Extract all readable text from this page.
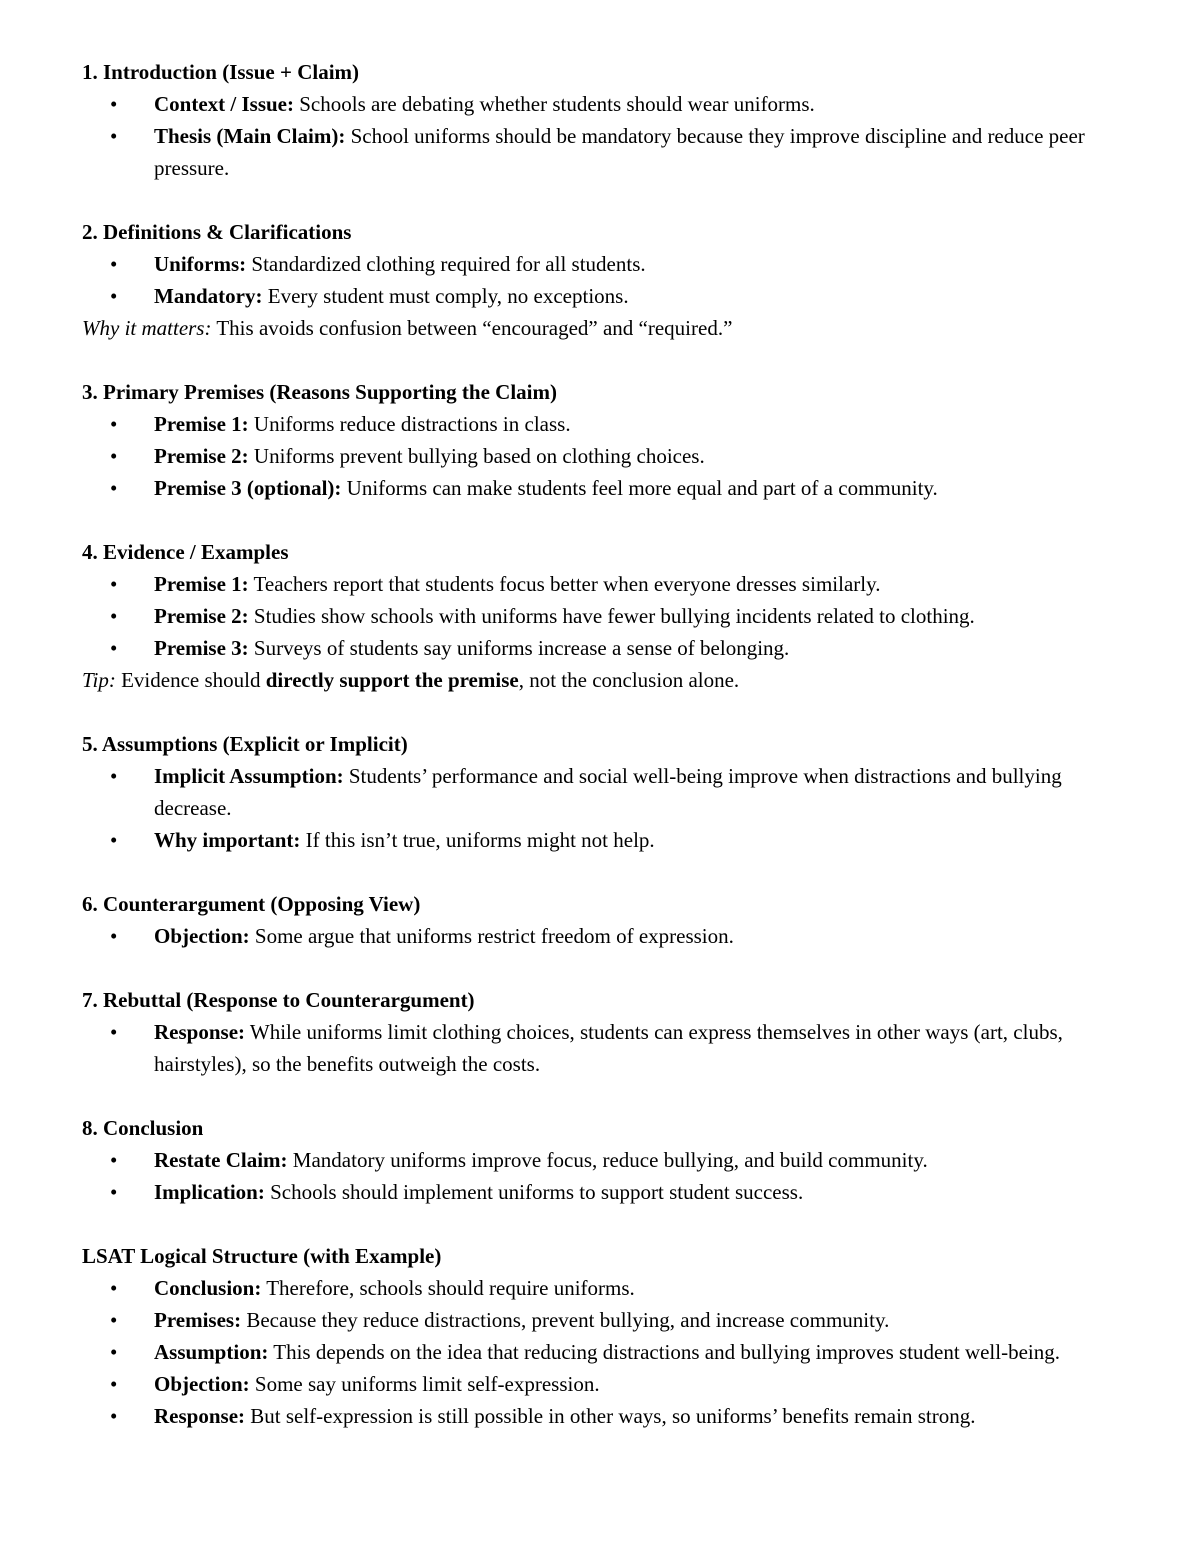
1. Introduction (Issue + Claim)
• Context / Issue: Schools are debating whether students should wear uniforms.
• Thesis (Main Claim): School uniforms should be mandatory because they improve discipline and reduce peer pressure.
2. Definitions & Clarifications
• Uniforms: Standardized clothing required for all students.
• Mandatory: Every student must comply, no exceptions.
Why it matters: This avoids confusion between “encouraged” and “required.”
3. Primary Premises (Reasons Supporting the Claim)
• Premise 1: Uniforms reduce distractions in class.
• Premise 2: Uniforms prevent bullying based on clothing choices.
• Premise 3 (optional): Uniforms can make students feel more equal and part of a community.
4. Evidence / Examples
• Premise 1: Teachers report that students focus better when everyone dresses similarly.
• Premise 2: Studies show schools with uniforms have fewer bullying incidents related to clothing.
• Premise 3: Surveys of students say uniforms increase a sense of belonging.
Tip: Evidence should directly support the premise, not the conclusion alone.
5. Assumptions (Explicit or Implicit)
• Implicit Assumption: Students’ performance and social well-being improve when distractions and bullying decrease.
• Why important: If this isn’t true, uniforms might not help.
6. Counterargument (Opposing View)
• Objection: Some argue that uniforms restrict freedom of expression.
7. Rebuttal (Response to Counterargument)
• Response: While uniforms limit clothing choices, students can express themselves in other ways (art, clubs, hairstyles), so the benefits outweigh the costs.
8. Conclusion
• Restate Claim: Mandatory uniforms improve focus, reduce bullying, and build community.
• Implication: Schools should implement uniforms to support student success.
LSAT Logical Structure (with Example)
• Conclusion: Therefore, schools should require uniforms.
• Premises: Because they reduce distractions, prevent bullying, and increase community.
• Assumption: This depends on the idea that reducing distractions and bullying improves student well-being.
• Objection: Some say uniforms limit self-expression.
• Response: But self-expression is still possible in other ways, so uniforms’ benefits remain strong.
